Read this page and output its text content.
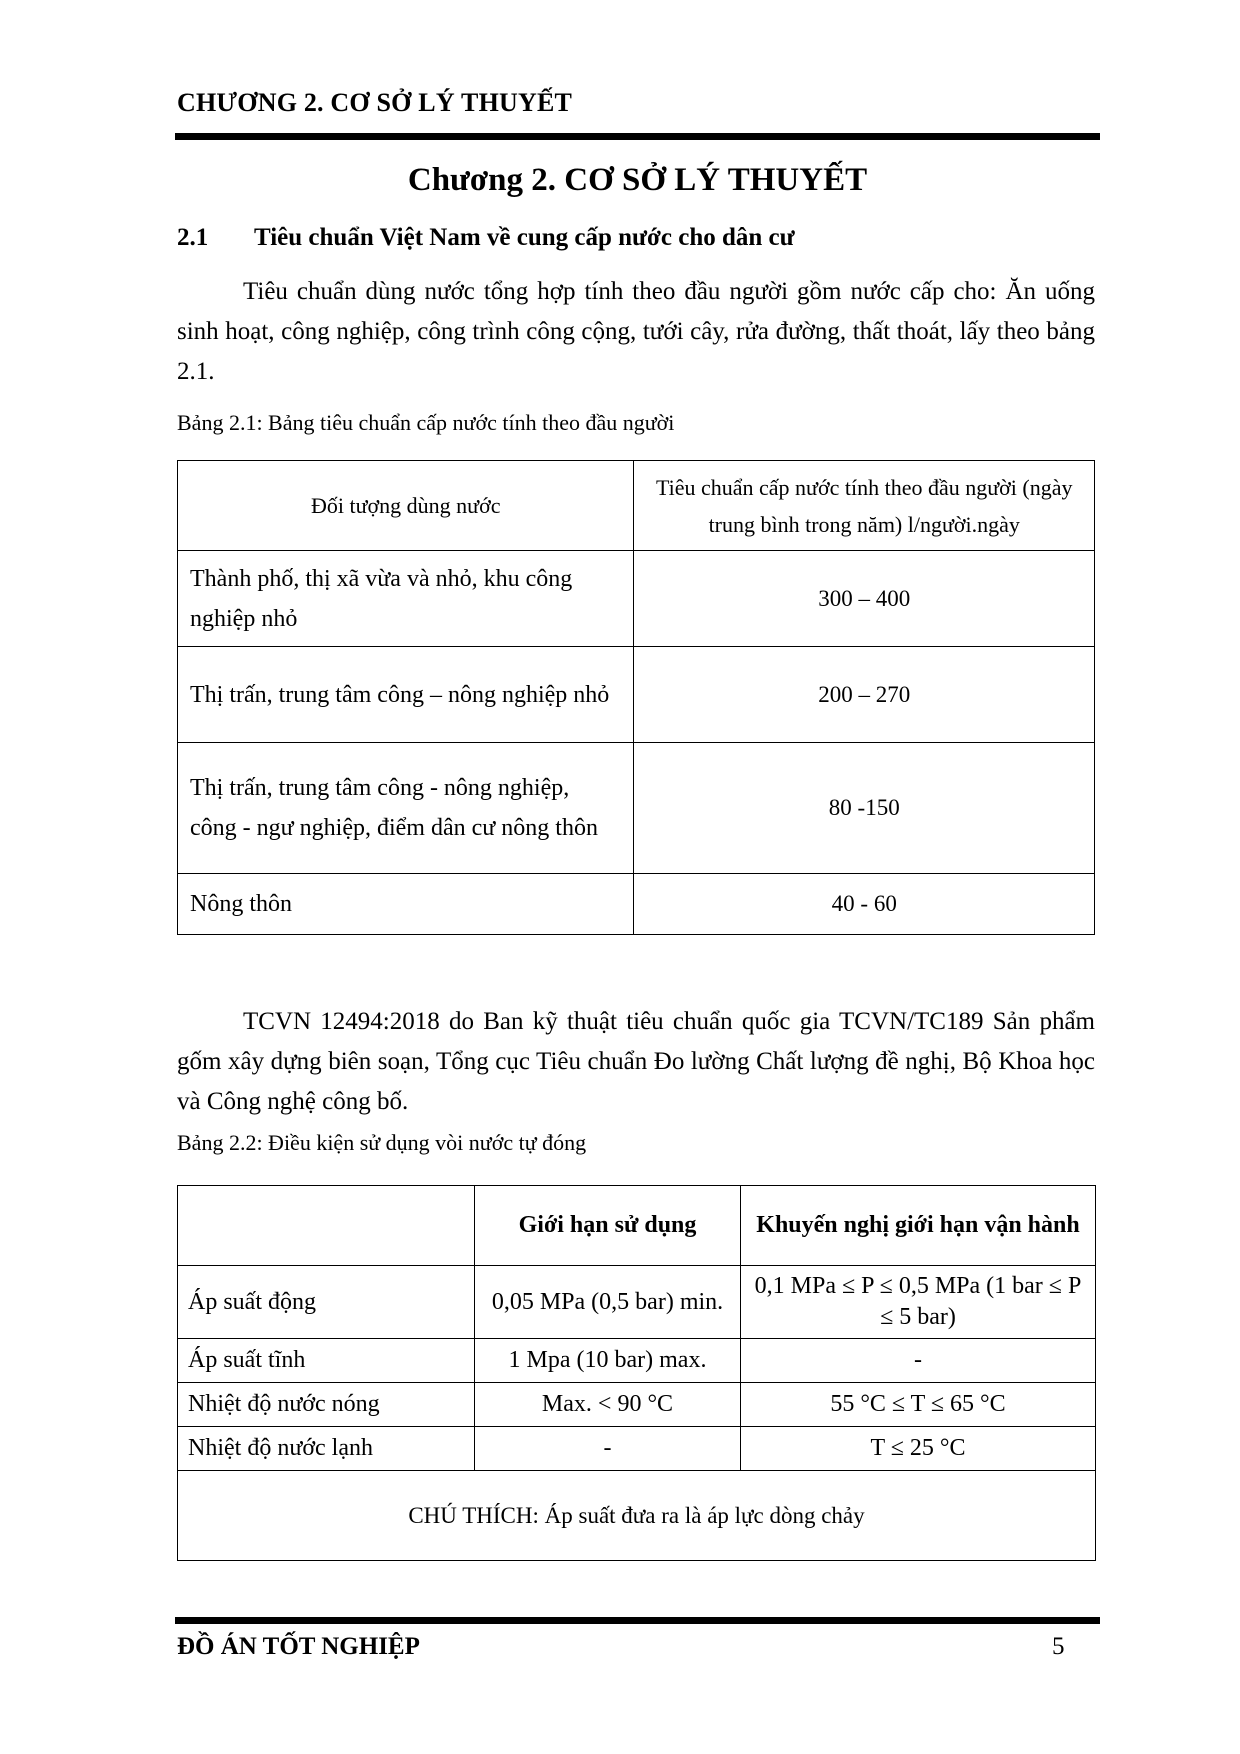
CHƯƠNG 2. CƠ SỞ LÝ THUYẾT
Chương 2. CƠ SỞ LÝ THUYẾT
2.1 Tiêu chuẩn Việt Nam về cung cấp nước cho dân cư

Tiêu chuẩn dùng nước tổng hợp tính theo đầu người gồm nước cấp cho: Ăn uống sinh hoạt, công nghiệp, công trình công cộng, tưới cây, rửa đường, thất thoát, lấy theo bảng 2.1.

Bảng 2.1: Bảng tiêu chuẩn cấp nước tính theo đầu người
Đối tượng dùng nước	Tiêu chuẩn cấp nước tính theo đầu người (ngày trung bình trong năm) l/người.ngày
Thành phố, thị xã vừa và nhỏ, khu công nghiệp nhỏ	300 – 400
Thị trấn, trung tâm công – nông nghiệp nhỏ	200 – 270
Thị trấn, trung tâm công - nông nghiệp, công - ngư nghiệp, điểm dân cư nông thôn	80 -150
Nông thôn	40 - 60

TCVN 12494:2018 do Ban kỹ thuật tiêu chuẩn quốc gia TCVN/TC189 Sản phẩm gốm xây dựng biên soạn, Tổng cục Tiêu chuẩn Đo lường Chất lượng đề nghị, Bộ Khoa học và Công nghệ công bố.

Bảng 2.2: Điều kiện sử dụng vòi nước tự đóng
	Giới hạn sử dụng	Khuyến nghị giới hạn vận hành
Áp suất động	0,05 MPa (0,5 bar) min.	0,1 MPa ≤ P ≤ 0,5 MPa (1 bar ≤ P ≤ 5 bar)
Áp suất tĩnh	1 Mpa (10 bar) max.	-
Nhiệt độ nước nóng	Max. < 90 °C	55 °C ≤ T ≤ 65 °C
Nhiệt độ nước lạnh	-	T ≤ 25 °C
CHÚ THÍCH: Áp suất đưa ra là áp lực dòng chảy		
ĐỒ ÁN TỐT NGHIỆP	5
